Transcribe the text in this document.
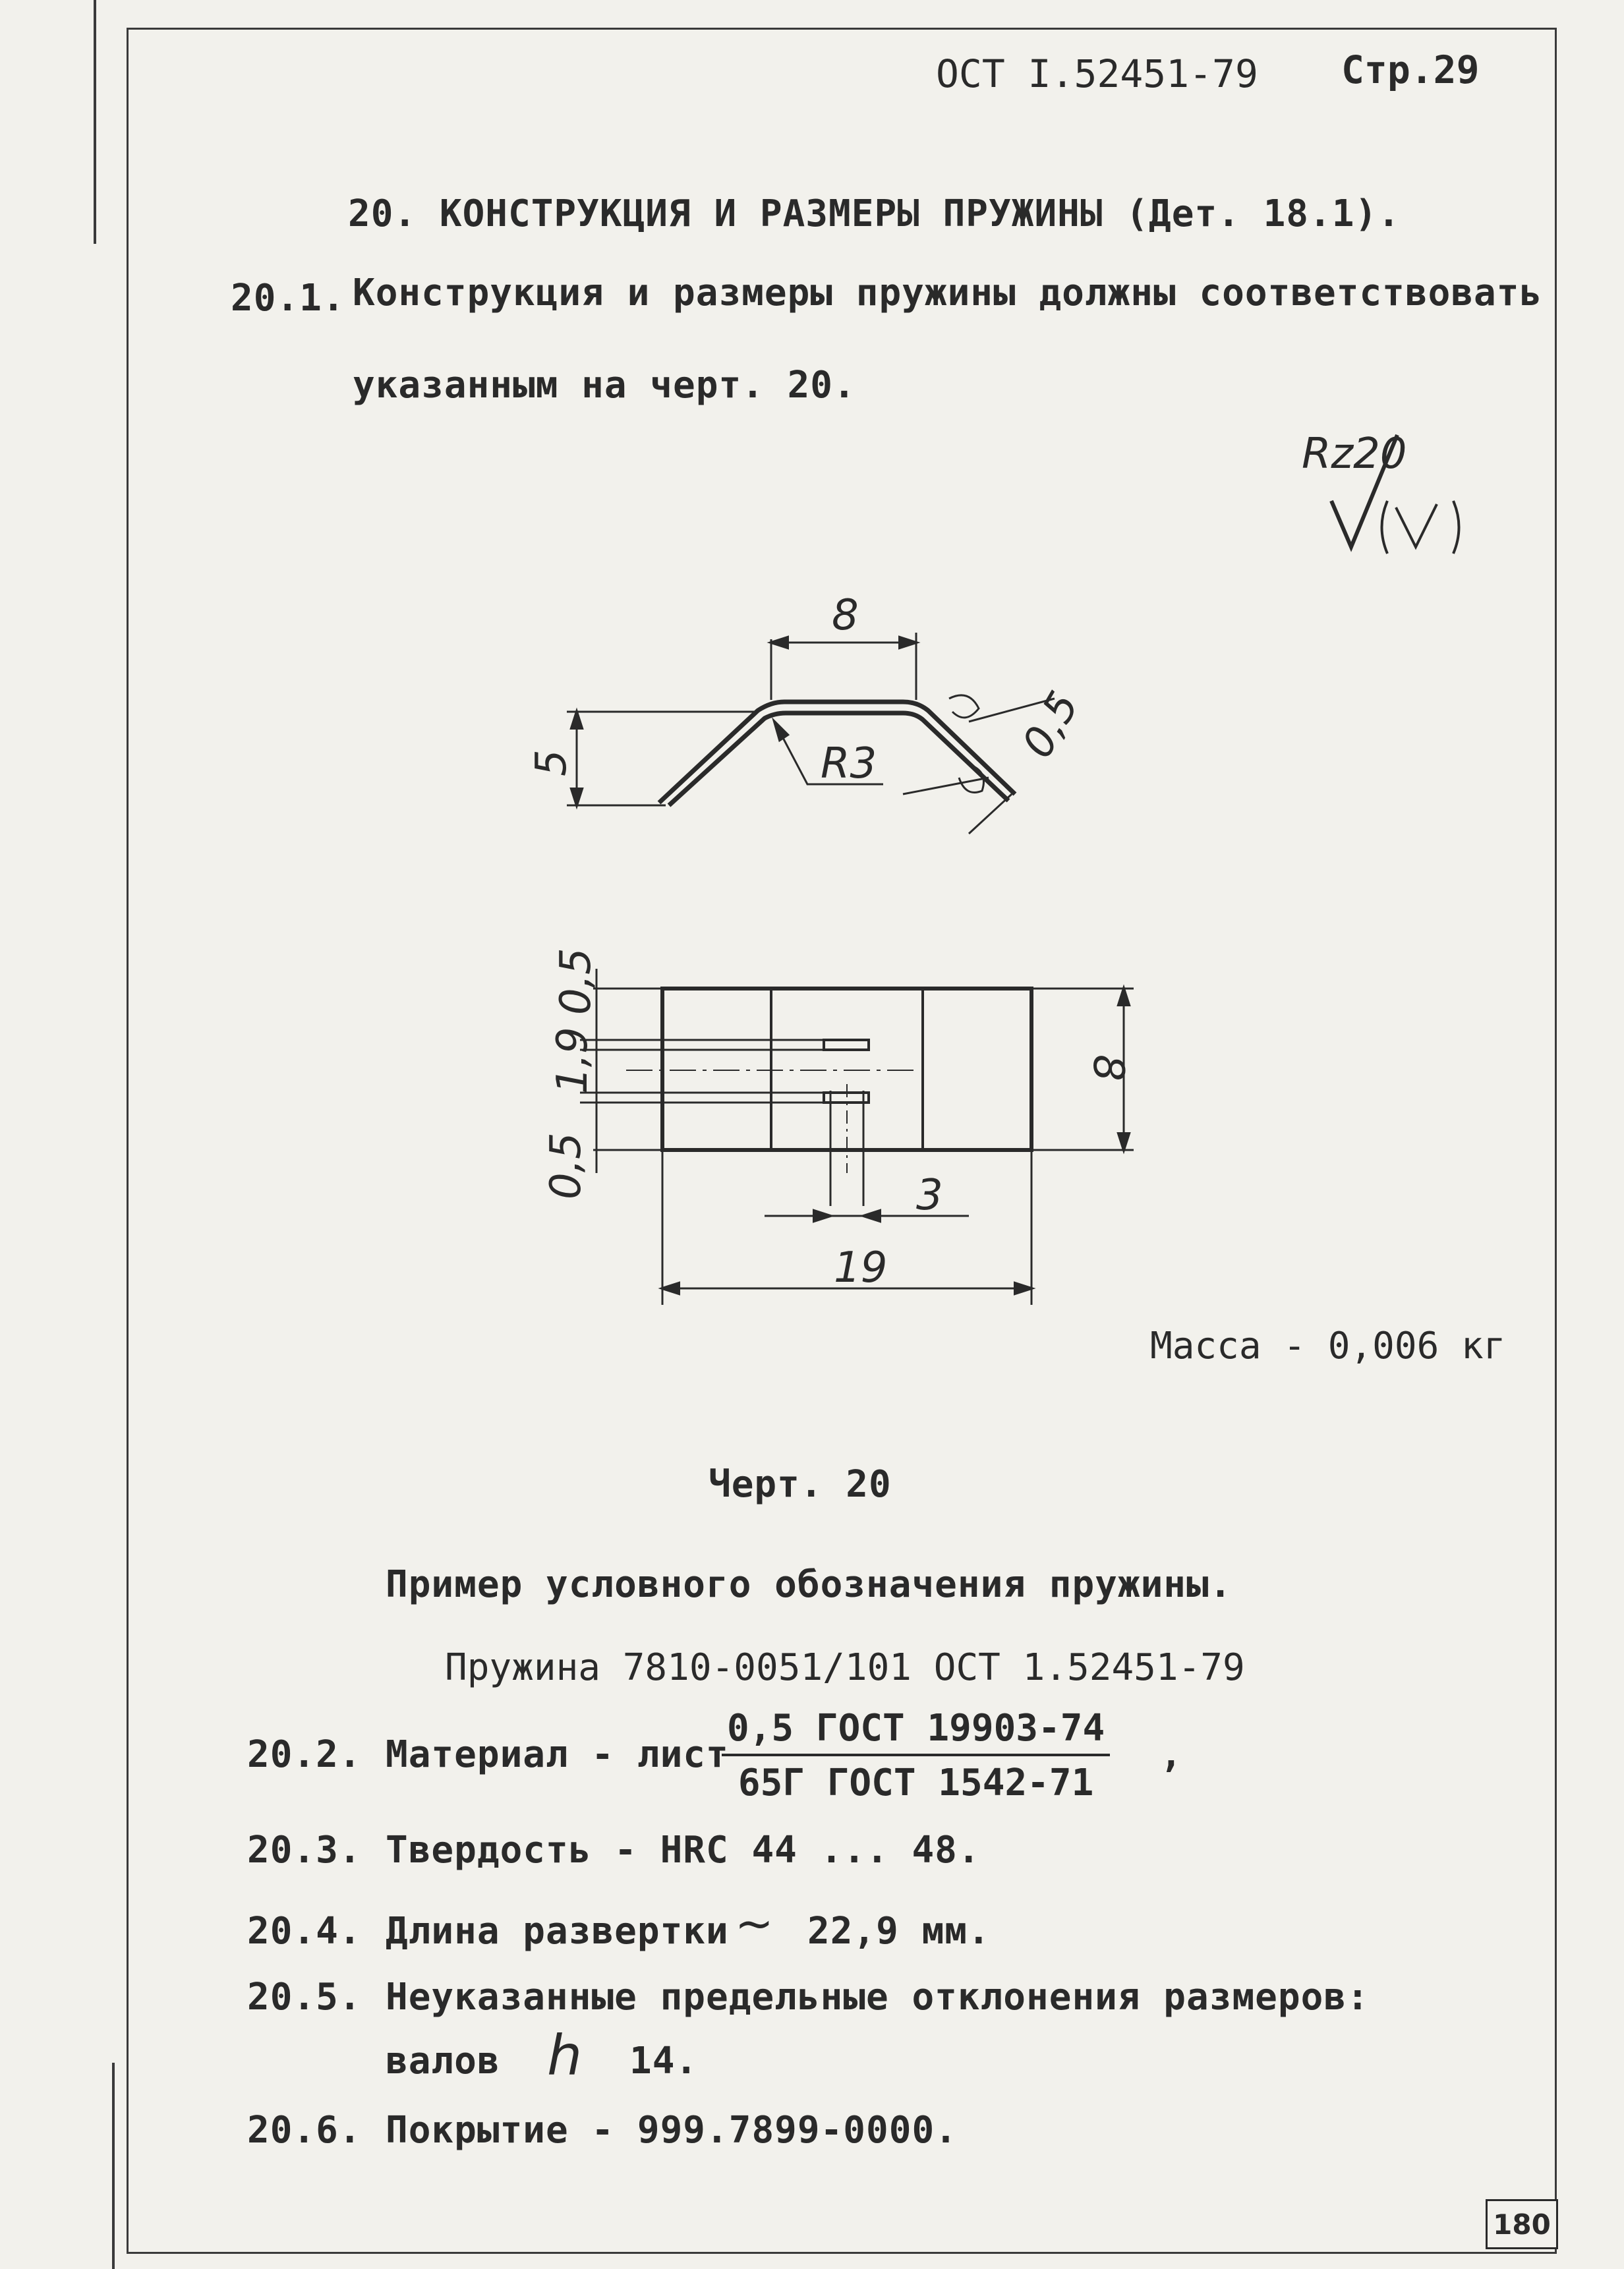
ОСТ І.52451-79 Стр.29
20. КОНСТРУКЦИЯ И РАЗМЕРЫ ПРУЖИНЫ (Дет. 18.1).
20.1. Конструкция и размеры пружины должны соответствовать
указанным на черт. 20.
Rz20
8
5	R3	0,5
0,5
1,9
0,5
8
3
19
Масса - 0,006 кг
Черт. 20
Пример условного обозначения пружины.
Пружина 7810-0051/101 ОСТ 1.52451-79
20.2. Материал - лист
0,5 ГОСТ 19903-74
65Г ГОСТ 1542-71
,
20.3. Твердость - HRC 44 ... 48.
20.4. Длина развертки ~ 22,9 мм.
20.5. Неуказанные предельные отклонения размеров:
валов h 14.
20.6. Покрытие - 999.7899-0000.
180
